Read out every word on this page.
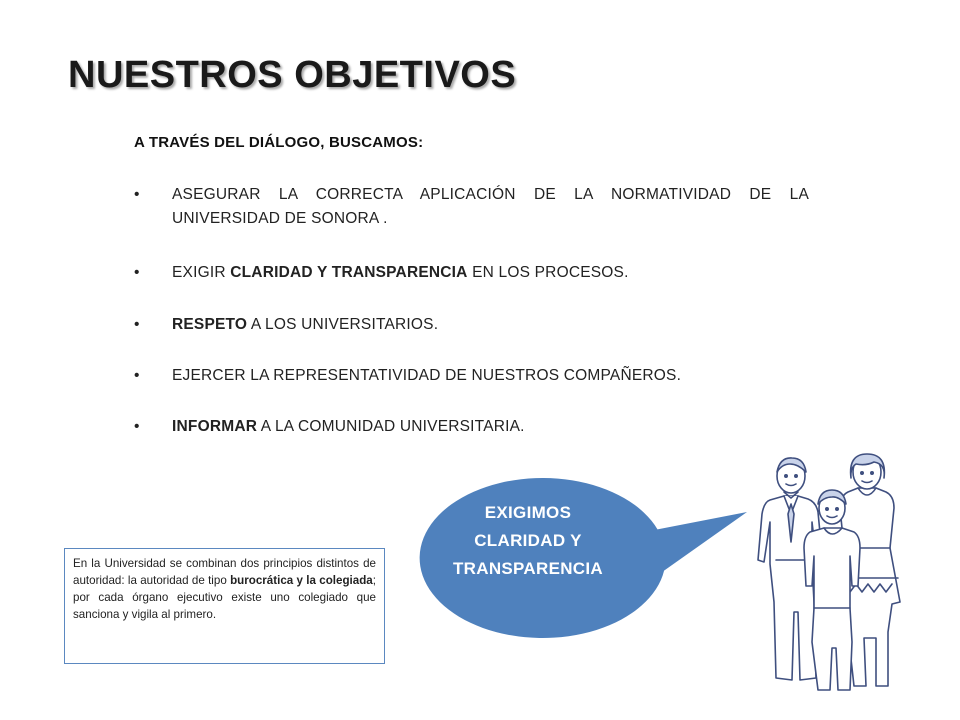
NUESTROS OBJETIVOS

A TRAVÉS DEL DIÁLOGO, BUSCAMOS:

• ASEGURAR LA CORRECTA APLICACIÓN DE LA NORMATIVIDAD DE LA UNIVERSIDAD DE SONORA .
• EXIGIR CLARIDAD Y TRANSPARENCIA EN LOS PROCESOS.
• RESPETO A LOS UNIVERSITARIOS.
• EJERCER LA REPRESENTATIVIDAD DE NUESTROS COMPAÑEROS.
• INFORMAR A LA COMUNIDAD UNIVERSITARIA.
En la Universidad se combinan dos principios distintos de autoridad: la autoridad de tipo burocrática y la colegiada; por cada órgano ejecutivo existe uno colegiado que sanciona y vigila al primero.
EXIGIMOS
CLARIDAD Y
TRANSPARENCIA
